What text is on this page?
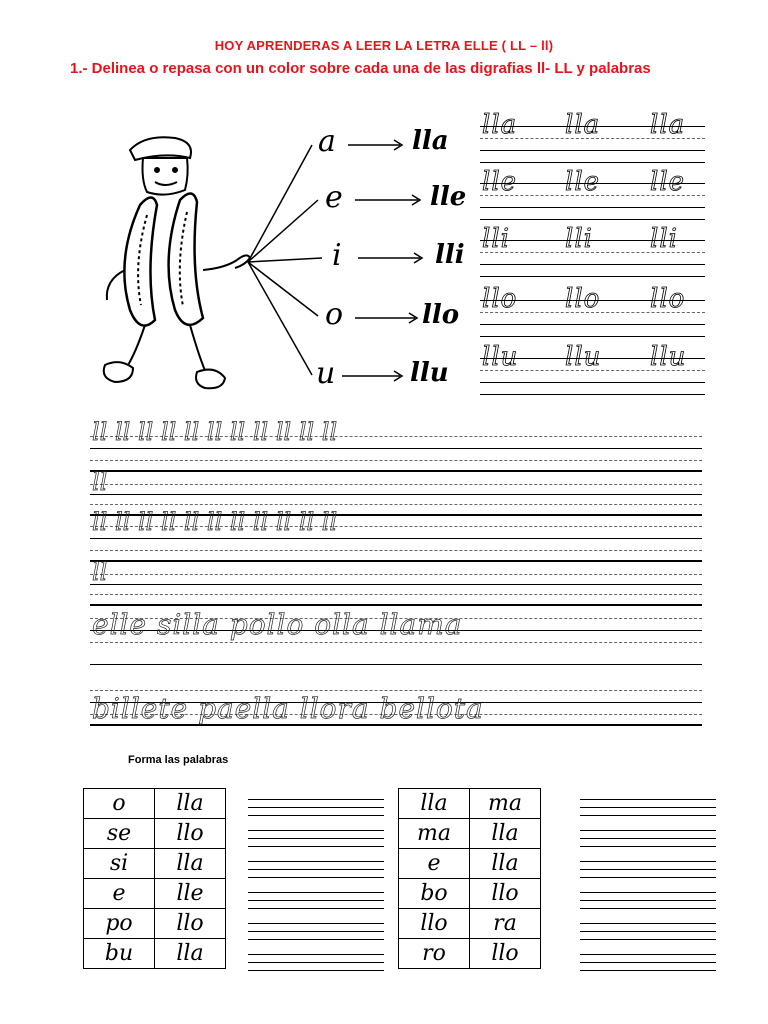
HOY APRENDERAS A LEER LA LETRA ELLE ( LL – ll)
1.- Delinea o repasa con un color sobre cada una de las digrafias ll- LL y palabras
a	lla
lla lla lla
e	lle lle lle lle
i	lli
lli lli lli
o	llo
llo llo llo
u	llu
llu llu llu
ll ll ll ll ll ll ll ll ll ll ll
ll
ll ll ll ll ll ll ll ll ll ll ll
ll
elle silla pollo olla llama
billete paella llora bellota
Forma las palabras
o	lla
se	llo
si	lla
e	lle
po	llo
bu	lla
lla	ma
ma	lla
e	lla
bo	llo
llo	ra
ro	llo
